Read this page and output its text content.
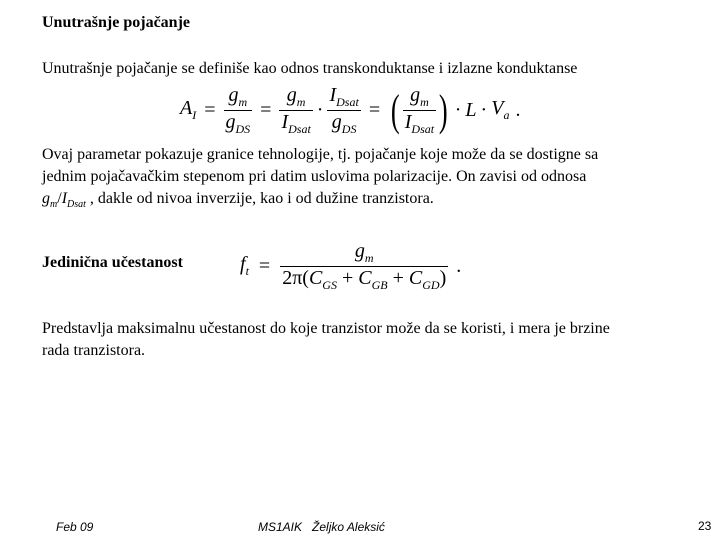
Unutrašnje pojačanje
Unutrašnje pojačanje se definiše kao odnos transkonduktanse i izlazne konduktanse
$A_I = \frac{g_m}{g_{DS}} = \frac{g_m}{I_{Dsat}} \cdot \frac{I_{Dsat}}{g_{DS}}$ = ( $\frac{g_m}{I_{Dsat}}$ ) · $L \cdot V_a$ .
Ovaj parametar pokazuje granice tehnologije, tj. pojačanje koje može da se dostigne sa
jednim pojačavačkim stepenom pri datim uslovima polarizacije. On zavisi od odnosa
$g_m/I_{Dsat}$ , dakle od nivoa inverzije, kao i od dužine tranzistora.
Jedinična učestanost	$f_t = \frac{g_m}{2\pi(C_{GS} + C_{GB} + C_{GD})}$ .
Predstavlja maksimalnu učestanost do koje tranzistor može da se koristi, i mera je brzine
rada tranzistora.
Feb 09	MS1AIK   Željko Aleksić	23
